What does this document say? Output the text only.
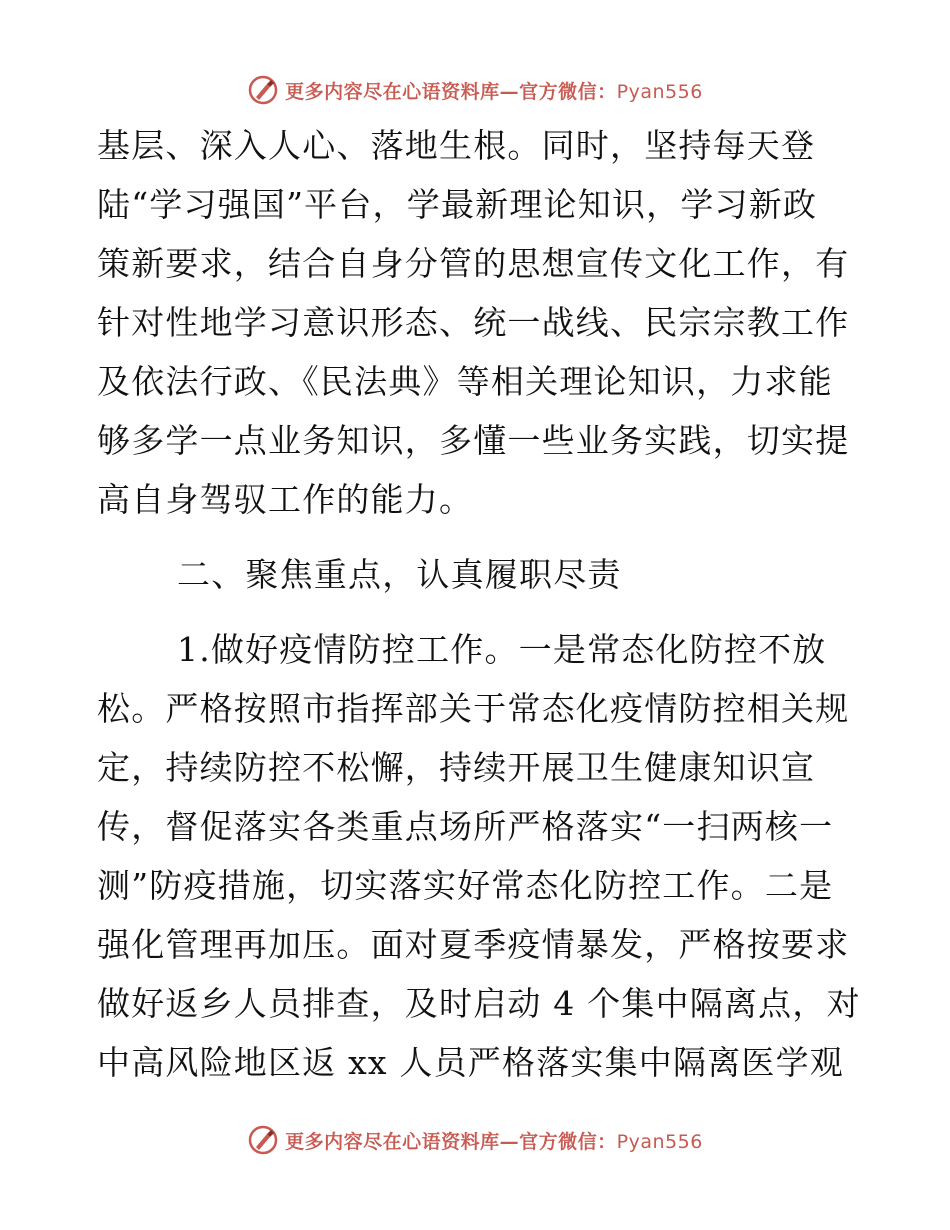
更多内容尽在心语资料库—官方微信：Pyan556
基层、深入人心、落地生根。同时，坚持每天登
陆“学习强国”平台，学最新理论知识，学习新政
策新要求，结合自身分管的思想宣传文化工作，有
针对性地学习意识形态、统一战线、民宗宗教工作
及依法行政、《民法典》等相关理论知识，力求能
够多学一点业务知识，多懂一些业务实践，切实提
高自身驾驭工作的能力。
二、聚焦重点，认真履职尽责
1.做好疫情防控工作。一是常态化防控不放
松。严格按照市指挥部关于常态化疫情防控相关规
定，持续防控不松懈，持续开展卫生健康知识宣
传，督促落实各类重点场所严格落实“一扫两核一
测”防疫措施，切实落实好常态化防控工作。二是
强化管理再加压。面对夏季疫情暴发，严格按要求
做好返乡人员排查，及时启动 4 个集中隔离点，对
中高风险地区返 xx 人员严格落实集中隔离医学观
更多内容尽在心语资料库—官方微信：Pyan556
